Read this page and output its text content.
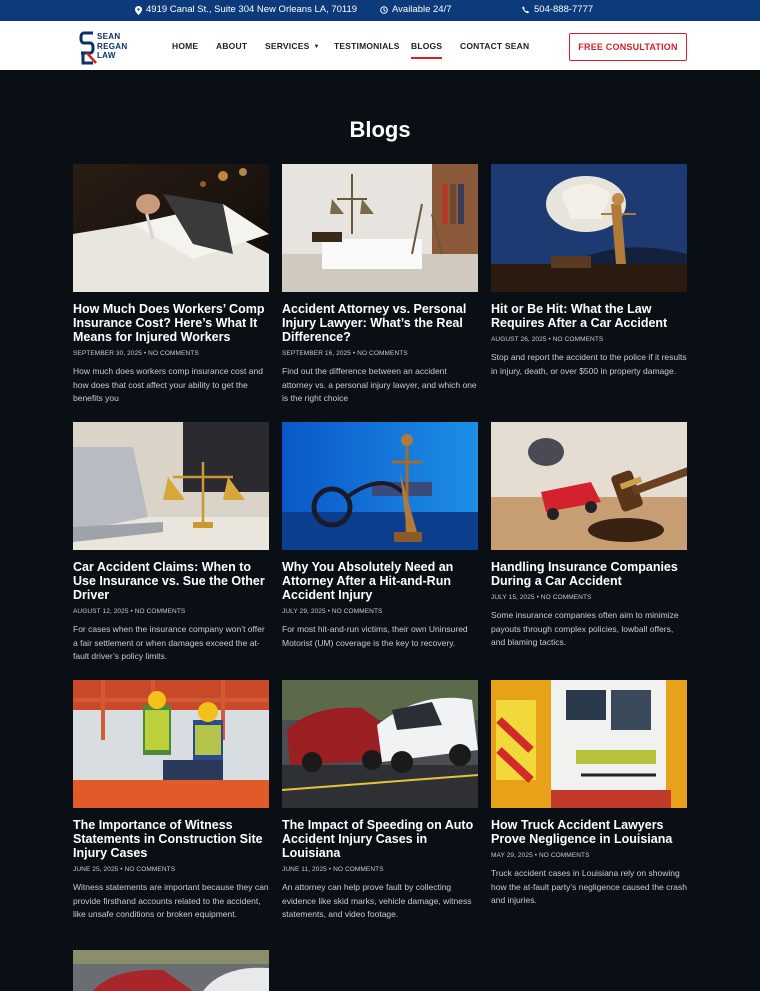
4919 Canal St., Suite 304 New Orleans LA, 70119	Available 24/7	504-888-7777
SEAN
REGAN
LAW
HOME ABOUT SERVICES ▼ TESTIMONIALS BLOGS CONTACT SEAN	FREE CONSULTATION
Blogs
How Much Does Workers’ Comp Insurance Cost? Here’s What It Means for Injured Workers
SEPTEMBER 30, 2025 • NO COMMENTS
How much does workers comp insurance cost and how does that cost affect your ability to get the benefits you
Accident Attorney vs. Personal Injury Lawyer: What’s the Real Difference?
SEPTEMBER 16, 2025 • NO COMMENTS
Find out the difference between an accident attorney vs. a personal injury lawyer, and which one is the right choice
Hit or Be Hit: What the Law Requires After a Car Accident
AUGUST 26, 2025 • NO COMMENTS
Stop and report the accident to the police if it results in injury, death, or over $500 in property damage.
Car Accident Claims: When to Use Insurance vs. Sue the Other Driver
AUGUST 12, 2025 • NO COMMENTS
For cases when the insurance company won’t offer a fair settlement or when damages exceed the at-fault driver’s policy limits.
Why You Absolutely Need an Attorney After a Hit-and-Run Accident Injury
JULY 29, 2025 • NO COMMENTS
For most hit-and-run victims, their own Uninsured Motorist (UM) coverage is the key to recovery.
Handling Insurance Companies During a Car Accident
JULY 15, 2025 • NO COMMENTS
Some insurance companies often aim to minimize payouts through complex policies, lowball offers, and blaming tactics.
The Importance of Witness Statements in Construction Site Injury Cases
JUNE 25, 2025 • NO COMMENTS
Witness statements are important because they can provide firsthand accounts related to the accident, like unsafe conditions or broken equipment.
The Impact of Speeding on Auto Accident Injury Cases in Louisiana
JUNE 11, 2025 • NO COMMENTS
An attorney can help prove fault by collecting evidence like skid marks, vehicle damage, witness statements, and video footage.
How Truck Accident Lawyers Prove Negligence in Louisiana
MAY 29, 2025 • NO COMMENTS
Truck accident cases in Louisiana rely on showing how the at-fault party’s negligence caused the crash and injuries.
